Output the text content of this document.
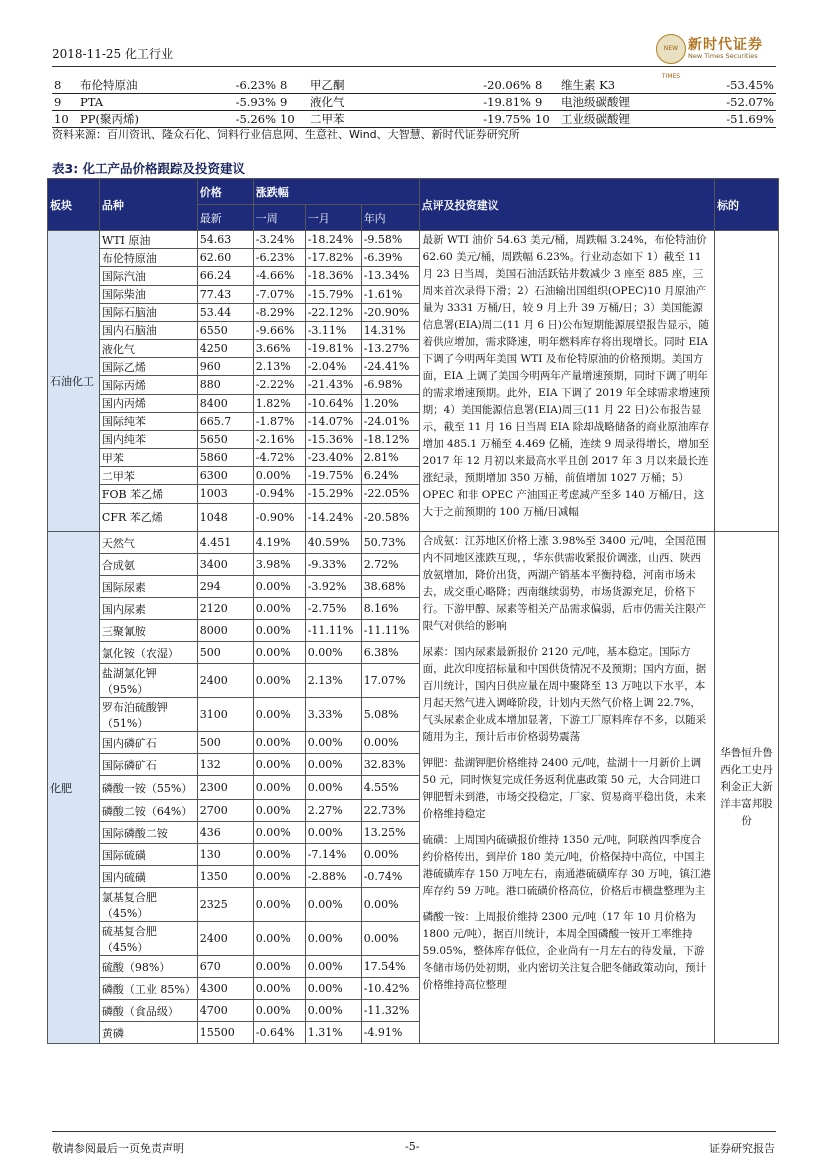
2018-11-25 化工行业	NEW TIMES
新时代证券
New Times Securities
8	布伦特原油	-6.23%	8	甲乙酮	-20.06%	8	维生素 K3	-53.45%
9	PTA	-5.93%	9	液化气	-19.81%	9	电池级碳酸锂	-52.07%
10	PP(聚丙烯)	-5.26%	10	二甲苯	-19.75%	10	工业级碳酸锂	-51.69%
资料来源：百川资讯、隆众石化、饲料行业信息网、生意社、Wind、大智慧、新时代证券研究所
表3: 化工产品价格跟踪及投资建议
板块	品种	价格	涨跌幅			点评及投资建议	标的
		最新	一周	一月	年内		
石油化工	WTI 原油	54.63	-3.24%	-18.24%	-9.58%	最新 WTI 油价 54.63 美元/桶，周跌幅 3.24%，布伦特油价 62.60 美元/桶，周跌幅 6.23%。行业动态如下 1）截至 11 月 23 日当周，美国石油活跃钻井数减少 3 座至 885 座，三周来首次录得下滑；2）石油输出国组织(OPEC)10 月原油产量为 3331 万桶/日，较 9 月上升 39 万桶/日；3）美国能源信息署(EIA)周二(11 月 6 日)公布短期能源展望报告显示，随着供应增加，需求降速，明年燃料库存将出现增长。同时 EIA 下调了今明两年美国 WTI 及布伦特原油的价格预期。美国方面，EIA 上调了美国今明两年产量增速预期，同时下调了明年的需求增速预期。此外，EIA 下调了 2019 年全球需求增速预期；4）美国能源信息署(EIA)周三(11 月 22 日)公布报告显示，截至 11 月 16 日当周 EIA 除却战略储备的商业原油库存增加 485.1 万桶至 4.469 亿桶，连续 9 周录得增长，增加至 2017 年 12 月初以来最高水平且创 2017 年 3 月以来最长连涨纪录，预期增加 350 万桶，前值增加 1027 万桶；5）OPEC 和非 OPEC 产油国正考虑减产至多 140 万桶/日，这大于之前预期的 100 万桶/日减幅	

	布伦特原油	62.60	-6.23%	-17.82%	-6.39%		
	国际汽油	66.24	-4.66%	-18.36%	-13.34%		
	国际柴油	77.43	-7.07%	-15.79%	-1.61%		
	国际石脑油	53.44	-8.29%	-22.12%	-20.90%		
	国内石脑油	6550	-9.66%	-3.11%	14.31%		
	液化气	4250	3.66%	-19.81%	-13.27%		
	国际乙烯	960	2.13%	-2.04%	-24.41%		
	国际丙烯	880	-2.22%	-21.43%	-6.98%		
	国内丙烯	8400	1.82%	-10.64%	1.20%		
	国际纯苯	665.7	-1.87%	-14.07%	-24.01%		
	国内纯苯	5650	-2.16%	-15.36%	-18.12%		
	甲苯	5860	-4.72%	-23.40%	2.81%		
	二甲苯	6300	0.00%	-19.75%	6.24%		
	FOB 苯乙烯	1003	-0.94%	-15.29%	-22.05%		
	CFR 苯乙烯	1048	-0.90%	-14.24%	-20.58%		
化肥	天然气	4.451	4.19%	40.59%	50.73%	合成氨：江苏地区价格上涨 3.98%至 3400 元/吨，全国范围内不同地区涨跌互现，，华东供需收紧报价调涨，山西、陕西放氨增加，降价出货，两湖产销基本平衡持稳，河南市场未去，成交重心略降；西南继续弱势，市场货源充足，价格下行。下游甲醇、尿素等相关产品需求偏弱，后市仍需关注限产限气对供给的影响
尿素：国内尿素最新报价 2120 元/吨，基本稳定。国际方面，此次印度招标量和中国供货情况不及预期；国内方面，据百川统计，国内日供应量在周中聚降至 13 万吨以下水平，本月起天然气进入调峰阶段，计划内天然气价格上调 22.7%，气头尿素企业成本增加显著，下游工厂原料库存不多，以随采随用为主，预计后市价格弱势震荡
钾肥：盐湖钾肥价格维持 2400 元/吨，盐湖十一月新价上调 50 元，同时恢复完成任务返利优惠政策 50 元，大合同进口钾肥暂未到港，市场交投稳定，厂家、贸易商平稳出货，未来价格维持稳定
硫磺：上周国内硫磺报价维持 1350 元/吨，阿联酋四季度合约价格传出，到岸价 180 美元/吨，价格保持中高位，中国主港硫磺库存 150 万吨左右，南通港硫磺库存 30 万吨，镇江港库存约 59 万吨。港口硫磺价格高位，价格后市横盘整理为主
磷酸一铵：上周报价维持 2300 元/吨（17 年 10 月价格为 1800 元/吨），据百川统计，本周全国磷酸一铵开工率维持 59.05%，整体库存低位，企业尚有一月左右的待发量，下游冬储市场仍处初期，业内密切关注复合肥冬储政策动向，预计价格维持高位整理	华鲁恒升鲁西化工史丹利金正大新洋丰富邦股份
	合成氨	3400	3.98%	-9.33%	2.72%		
	国际尿素	294	0.00%	-3.92%	38.68%		
	国内尿素	2120	0.00%	-2.75%	8.16%		
	三聚氰胺	8000	0.00%	-11.11%	-11.11%		
	氯化铵（农湿）	500	0.00%	0.00%	6.38%		
	盐湖氯化钾（95%）	2400	0.00%	2.13%	17.07%		
	罗布泊硫酸钾（51%）	3100	0.00%	3.33%	5.08%		
	国内磷矿石	500	0.00%	0.00%	0.00%		
	国际磷矿石	132	0.00%	0.00%	32.83%		
	磷酸一铵（55%）	2300	0.00%	0.00%	4.55%		
	磷酸二铵（64%）	2700	0.00%	2.27%	22.73%		
	国际磷酸二铵	436	0.00%	0.00%	13.25%		
	国际硫磺	130	0.00%	-7.14%	0.00%		
	国内硫磺	1350	0.00%	-2.88%	-0.74%		
	氯基复合肥（45%）	2325	0.00%	0.00%	0.00%		
	硫基复合肥（45%）	2400	0.00%	0.00%	0.00%		
	硫酸（98%）	670	0.00%	0.00%	17.54%		
	磷酸（工业 85%）	4300	0.00%	0.00%	-10.42%		
	磷酸（食品级）	4700	0.00%	0.00%	-11.32%		
	黄磷	15500	-0.64%	1.31%	-4.91%		
敬请参阅最后一页免责声明	-5-	证券研究报告
